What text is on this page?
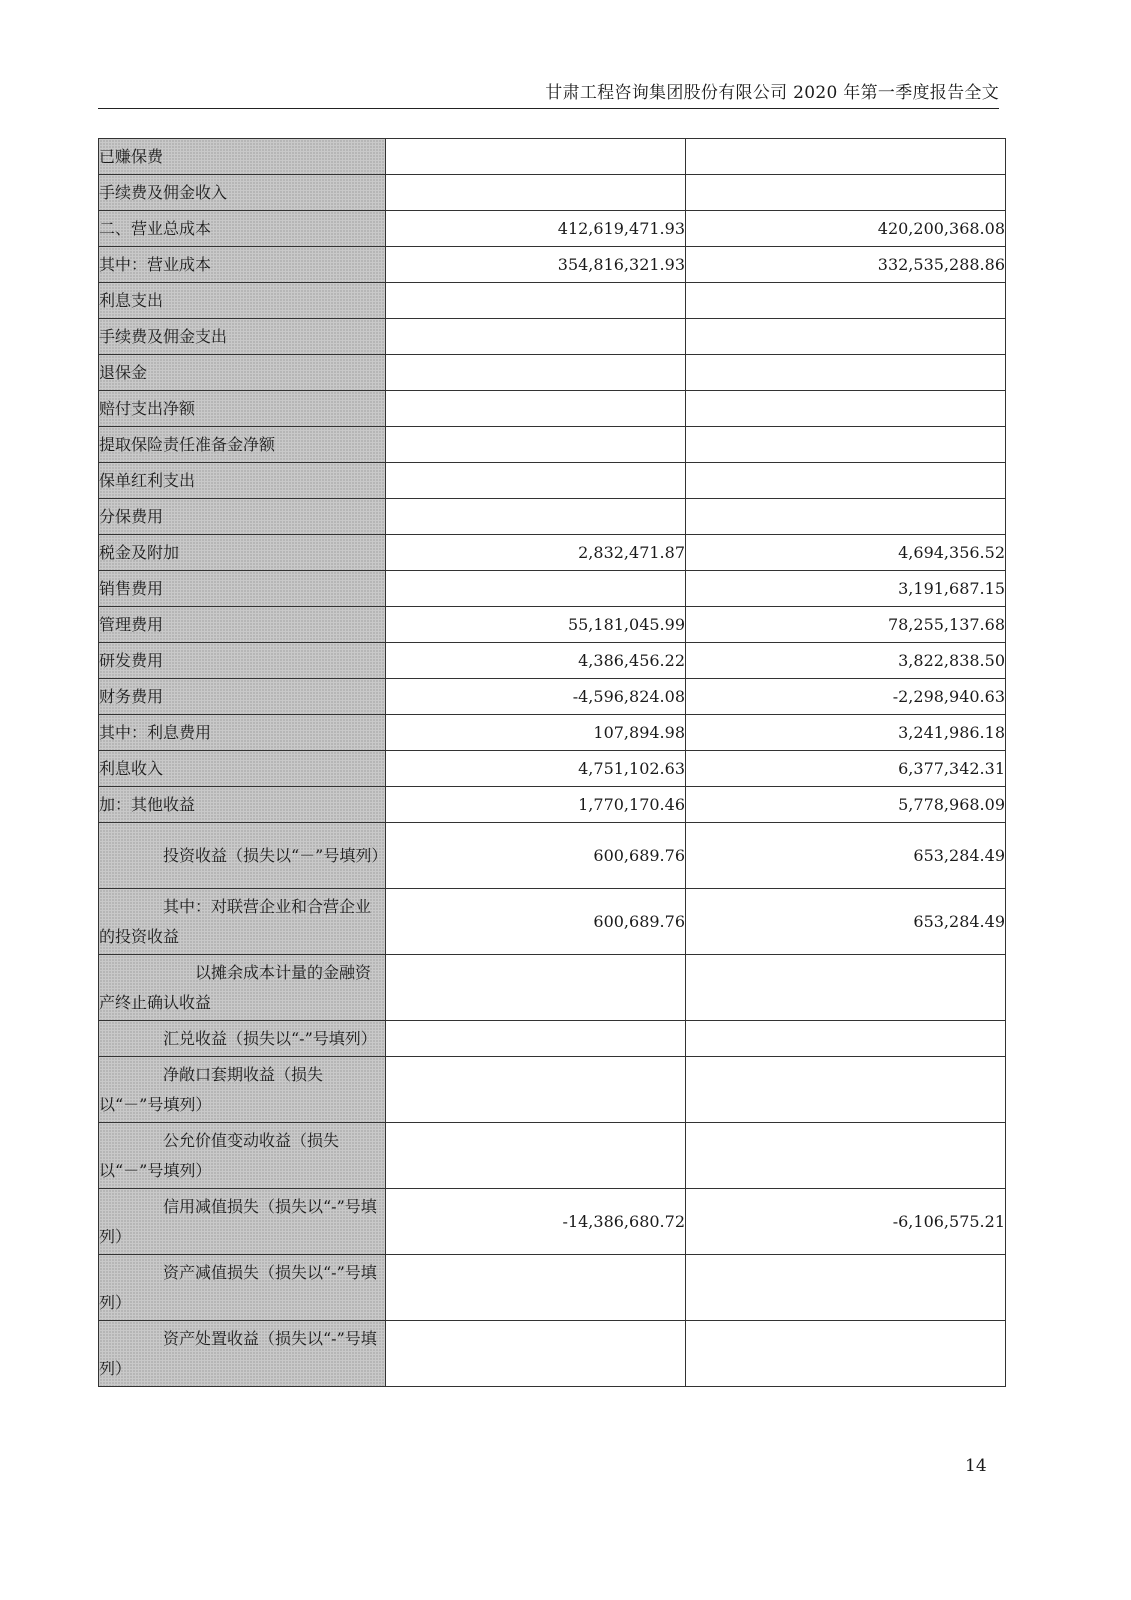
甘肃工程咨询集团股份有限公司 2020 年第一季度报告全文
已赚保费		
手续费及佣金收入		
二、营业总成本	412,619,471.93	420,200,368.08
其中：营业成本	354,816,321.93	332,535,288.86
利息支出		
手续费及佣金支出		
退保金		
赔付支出净额		
提取保险责任准备金净额		
保单红利支出		
分保费用		
税金及附加	2,832,471.87	4,694,356.52
销售费用		3,191,687.15
管理费用	55,181,045.99	78,255,137.68
研发费用	4,386,456.22	3,822,838.50
财务费用	-4,596,824.08	-2,298,940.63
其中：利息费用	107,894.98	3,241,986.18
利息收入	4,751,102.63	6,377,342.31
加：其他收益	1,770,170.46	5,778,968.09
投资收益（损失以“－”号填列）	600,689.76	653,284.49
其中：对联营企业和合营企业的投资收益	600,689.76	653,284.49
以摊余成本计量的金融资产终止确认收益		
汇兑收益（损失以“-”号填列）		
净敞口套期收益（损失以“－”号填列）		
公允价值变动收益（损失以“－”号填列）		
信用减值损失（损失以“-”号填列）	-14,386,680.72	-6,106,575.21
资产减值损失（损失以“-”号填列）		
资产处置收益（损失以“-”号填列）		
14
